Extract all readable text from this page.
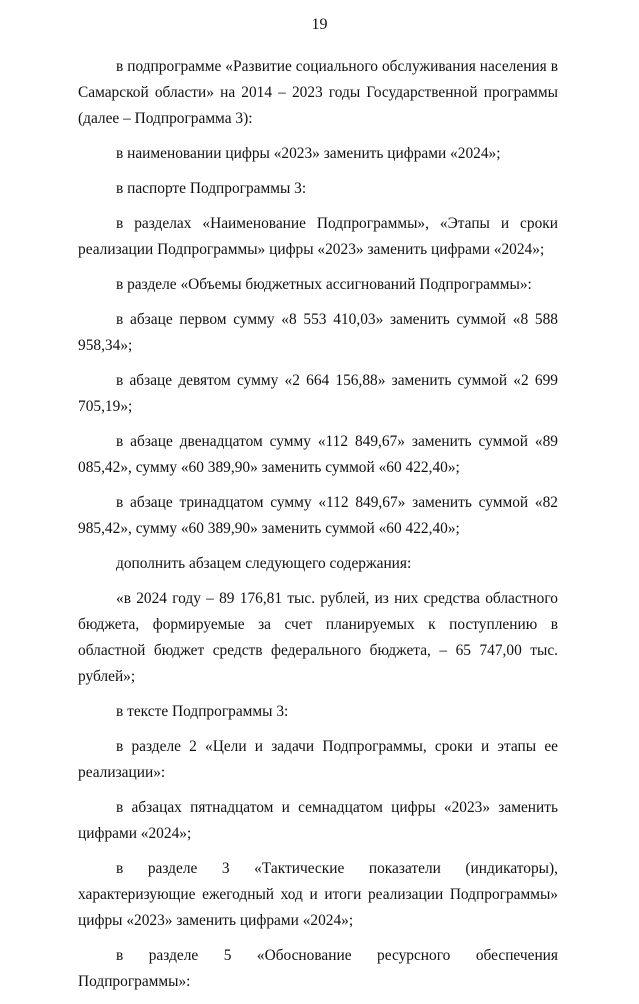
19

в подпрограмме «Развитие социального обслуживания населения в Самарской области» на 2014 – 2023 годы Государственной программы (далее – Подпрограмма 3):

в наименовании цифры «2023» заменить цифрами «2024»;

в паспорте Подпрограммы 3:

в разделах «Наименование Подпрограммы», «Этапы и сроки реализации Подпрограммы» цифры «2023» заменить цифрами «2024»;

в разделе «Объемы бюджетных ассигнований Подпрограммы»:

в абзаце первом сумму «8 553 410,03» заменить суммой «8 588 958,34»;

в абзаце девятом сумму «2 664 156,88» заменить суммой «2 699 705,19»;

в абзаце двенадцатом сумму «112 849,67» заменить суммой «89 085,42», сумму «60 389,90» заменить суммой «60 422,40»;

в абзаце тринадцатом сумму «112 849,67» заменить суммой «82 985,42», сумму «60 389,90» заменить суммой «60 422,40»;

дополнить абзацем следующего содержания:

«в 2024 году – 89 176,81 тыс. рублей, из них средства областного бюджета, формируемые за счет планируемых к поступлению в областной бюджет средств федерального бюджета, – 65 747,00 тыс. рублей»;

в тексте Подпрограммы 3:

в разделе 2 «Цели и задачи Подпрограммы, сроки и этапы ее реализации»:

в абзацах пятнадцатом и семнадцатом цифры «2023» заменить цифрами «2024»;

в разделе 3 «Тактические показатели (индикаторы), характеризующие ежегодный ход и итоги реализации Подпрограммы» цифры «2023» заменить цифрами «2024»;

в разделе 5 «Обоснование ресурсного обеспечения Подпрограммы»:
